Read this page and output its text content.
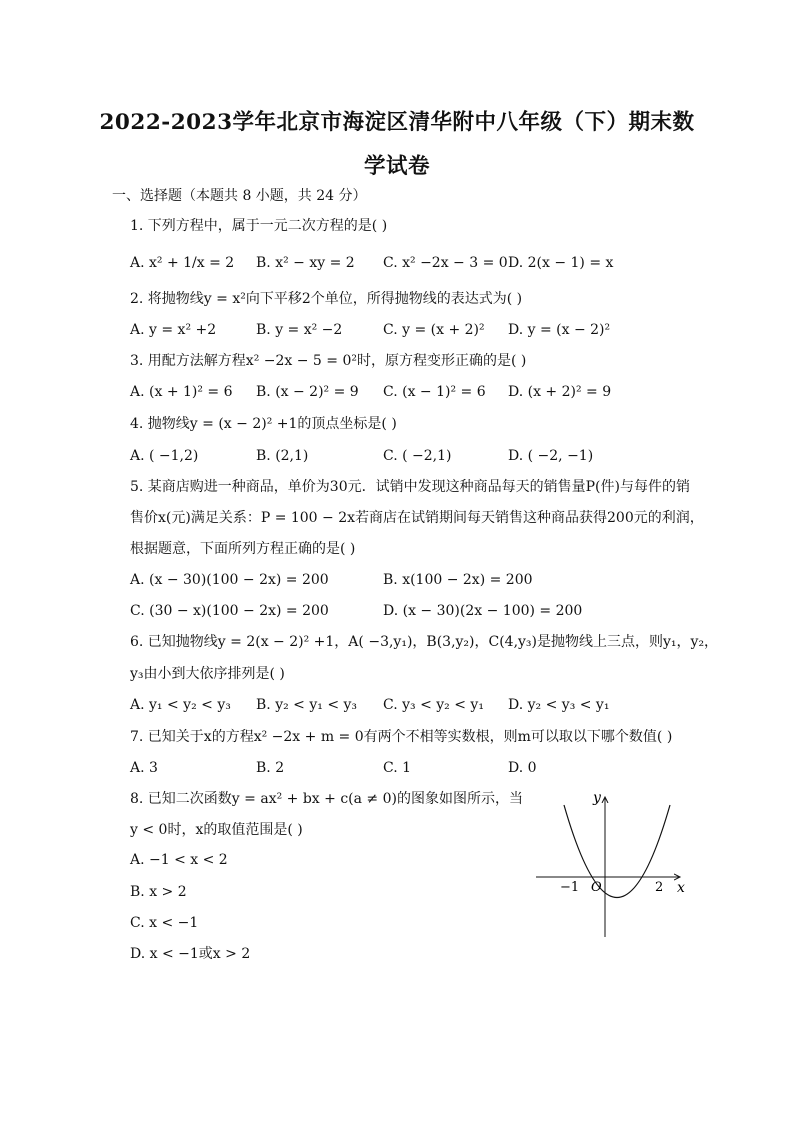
2022-2023学年北京市海淀区清华附中八年级（下）期末数学试卷
一、选择题（本题共 8 小题，共 24 分）
1. 下列方程中，属于一元二次方程的是( )
A. x² + 1/x = 2 B. x² − xy = 2 C. x² −2x − 3 = 0 D. 2(x − 1) = x
2. 将抛物线y = x²向下平移2个单位，所得抛物线的表达式为( )
A. y = x² +2	B. y = x² −2	C. y = (x + 2)² D. y = (x − 2)²
3. 用配方法解方程x² −2x − 5 = 0²时，原方程变形正确的是( )
A. (x + 1)² = 6 B. (x − 2)² = 9 C. (x − 1)² = 6 D. (x + 2)² = 9
4. 抛物线y = (x − 2)² +1的顶点坐标是( )
A. ( −1,2)	B. (2,1)	C. ( −2,1)	D. ( −2, −1)
5. 某商店购进一种商品，单价为30元．试销中发现这种商品每天的销售量P(件)与每件的销
售价x(元)满足关系：P = 100 − 2x若商店在试销期间每天销售这种商品获得200元的利润，
根据题意，下面所列方程正确的是( )
A. (x − 30)(100 − 2x) = 200	B. x(100 − 2x) = 200
C. (30 − x)(100 − 2x) = 200	D. (x − 30)(2x − 100) = 200
6. 已知抛物线y = 2(x − 2)² +1，A( −3,y₁)，B(3,y₂)，C(4,y₃)是抛物线上三点，则y₁，y₂，
y₃由小到大依序排列是( )
A. y₁ < y₂ < y₃ B. y₂ < y₁ < y₃ C. y₃ < y₂ < y₁ D. y₂ < y₃ < y₁
7. 已知关于x的方程x² −2x + m = 0有两个不相等实数根，则m可以取以下哪个数值( )
A. 3	B. 2	C. 1	D. 0
8. 已知二次函数y = ax² + bx + c(a ≠ 0)的图象如图所示，当
y < 0时，x的取值范围是( )
A. −1 < x < 2
B. x > 2
C. x < −1
D. x < −1或x > 2
y
x
O
−1	2
